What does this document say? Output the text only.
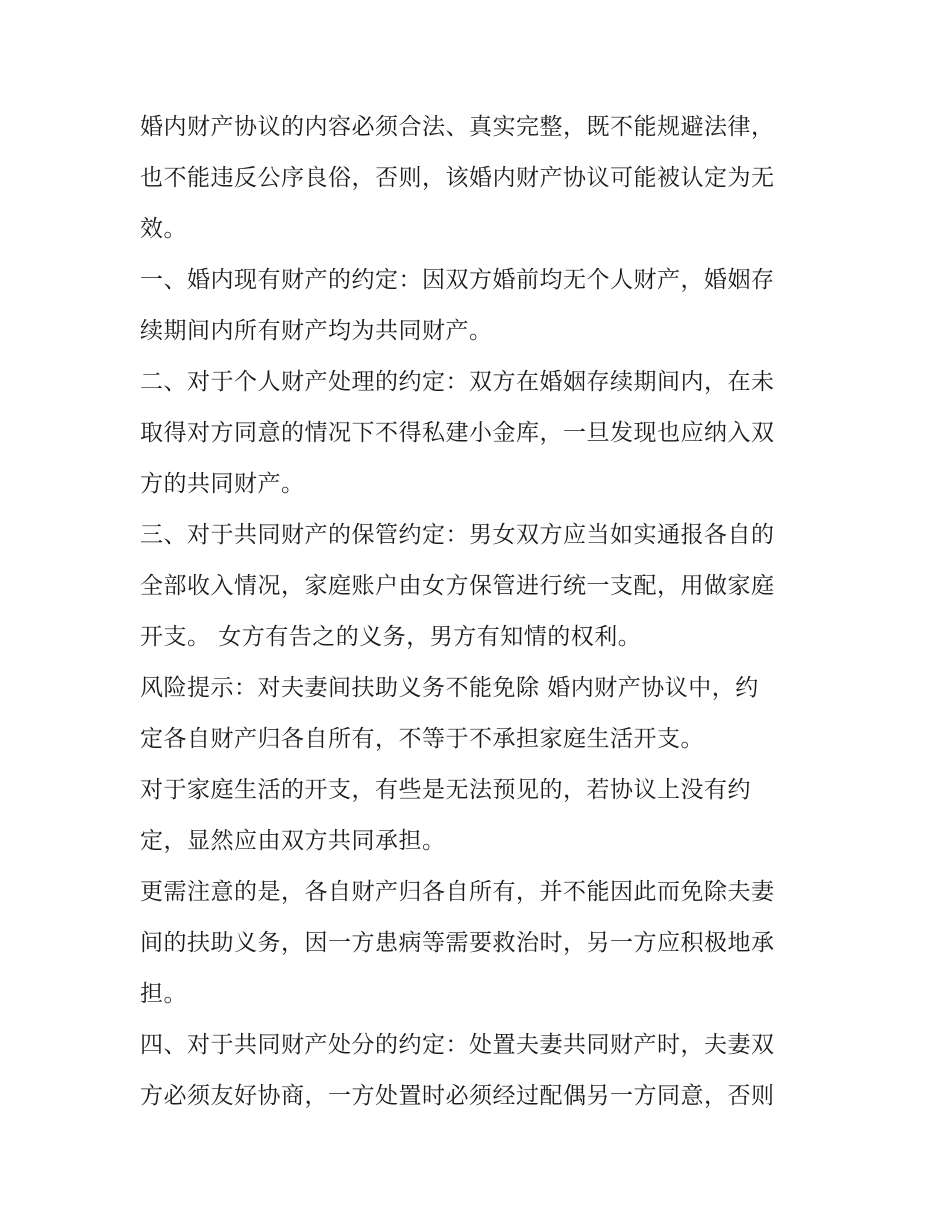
婚内财产协议的内容必须合法、真实完整，既不能规避法律，
也不能违反公序良俗，否则，该婚内财产协议可能被认定为无
效。
一、婚内现有财产的约定：因双方婚前均无个人财产，婚姻存
续期间内所有财产均为共同财产。
二、对于个人财产处理的约定：双方在婚姻存续期间内，在未
取得对方同意的情况下不得私建小金库，一旦发现也应纳入双
方的共同财产。
三、对于共同财产的保管约定：男女双方应当如实通报各自的
全部收入情况，家庭账户由女方保管进行统一支配，用做家庭
开支。 女方有告之的义务，男方有知情的权利。
风险提示：对夫妻间扶助义务不能免除 婚内财产协议中，约
定各自财产归各自所有，不等于不承担家庭生活开支。
对于家庭生活的开支，有些是无法预见的，若协议上没有约
定，显然应由双方共同承担。
更需注意的是，各自财产归各自所有，并不能因此而免除夫妻
间的扶助义务，因一方患病等需要救治时，另一方应积极地承
担。
四、对于共同财产处分的约定：处置夫妻共同财产时，夫妻双
方必须友好协商，一方处置时必须经过配偶另一方同意，否则
